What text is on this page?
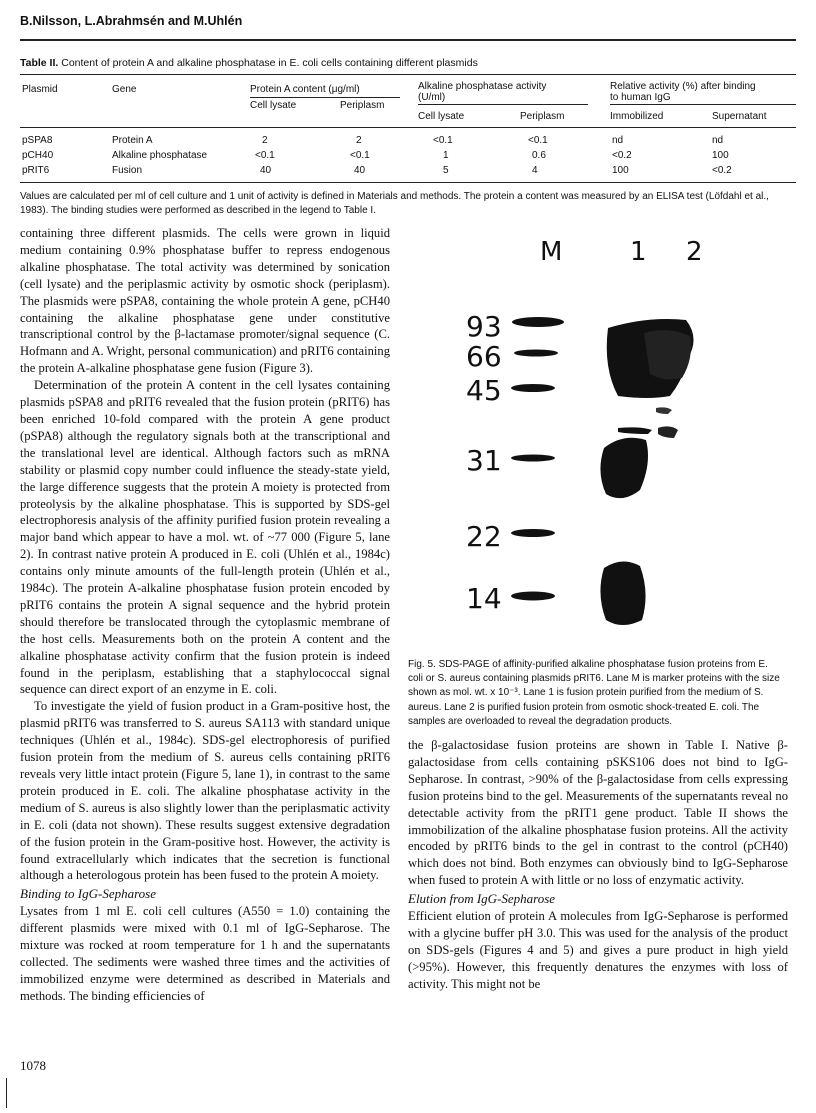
B.Nilsson, L.Abrahmsén and M.Uhlén
Table II. Content of protein A and alkaline phosphatase in E. coli cells containing different plasmids
Plasmid	Gene	Protein A content (μg/ml)	Alkaline phosphatase activity
(U/ml)
Relative activity (%) after binding
to human IgG
Cell lysate	Periplasm
Cell lysate	Periplasm	Immobilized	Supernatant
pSPA8	Protein A	2	2	<0.1	<0.1	nd	nd
pCH40	Alkaline phosphatase	<0.1	<0.1	1	0.6	<0.2	100
pRIT6	Fusion	40	40	5	4	100	<0.2
Values are calculated per ml of cell culture and 1 unit of activity is defined in Materials and methods. The protein a content was measured by an ELISA test (Löfdahl et al., 1983). The binding studies were performed as described in the legend to Table I.

containing three different plasmids. The cells were grown in liquid medium containing 0.9% phosphatase buffer to repress endogenous alkaline phosphatase. The total activity was determined by sonication (cell lysate) and the periplasmic activity by osmotic shock (periplasm). The plasmids were pSPA8, containing the whole protein A gene, pCH40 containing the alkaline phosphatase gene under constitutive transcriptional control by the β-lactamase promoter/signal sequence (C. Hofmann and A. Wright, personal communication) and pRIT6 containing the protein A-alkaline phosphatase gene fusion (Figure 3).

Determination of the protein A content in the cell lysates containing plasmids pSPA8 and pRIT6 revealed that the fusion protein (pRIT6) has been enriched 10-fold compared with the protein A gene product (pSPA8) although the regulatory signals both at the transcriptional and the translational level are identical. Although factors such as mRNA stability or plasmid copy number could influence the steady-state yield, the large difference suggests that the protein A moiety is protected from proteolysis by the alkaline phosphatase. This is supported by SDS-gel electrophoresis analysis of the affinity purified fusion protein revealing a major band which appear to have a mol. wt. of ~77 000 (Figure 5, lane 2). In contrast native protein A produced in E. coli (Uhlén et al., 1984c) contains only minute amounts of the full-length protein (Uhlén et al., 1984c). The protein A-alkaline phosphatase fusion protein encoded by pRIT6 contains the protein A signal sequence and the hybrid protein should therefore be translocated through the cytoplasmic membrane of the host cells. Measurements both on the protein A content and the alkaline phosphatase activity confirm that the fusion protein is indeed found in the periplasm, establishing that a staphylococcal signal sequence can direct export of an enzyme in E. coli.

To investigate the yield of fusion product in a Gram-positive host, the plasmid pRIT6 was transferred to S. aureus SA113 with standard unique techniques (Uhlén et al., 1984c). SDS-gel electrophoresis of purified fusion protein from the medium of S. aureus cells containing pRIT6 reveals very little intact protein (Figure 5, lane 1), in contrast to the same protein produced in E. coli. The alkaline phosphatase activity in the medium of S. aureus is also slightly lower than the periplasmatic activity in E. coli (data not shown). These results suggest extensive degradation of the fusion protein in the Gram-positive host. However, the activity is found extracellularly which indicates that the secretion is functional although a heterologous protein has been fused to the protein A moiety.

Binding to IgG-Sepharose

Lysates from 1 ml E. coli cell cultures (A550 = 1.0) containing the different plasmids were mixed with 0.1 ml of IgG-Sepharose. The mixture was rocked at room temperature for 1 h and the supernatants collected. The sediments were washed three times and the activities of immobilized enzyme were determined as described in Materials and methods. The binding efficiencies of

M	1 2
93
66
45
31
22
14
Fig. 5. SDS-PAGE of affinity-purified alkaline phosphatase fusion proteins from E. coli or S. aureus containing plasmids pRIT6. Lane M is marker proteins with the size shown as mol. wt. x 10⁻³. Lane 1 is fusion protein purified from the medium of S. aureus. Lane 2 is purified fusion protein from osmotic shock-treated E. coli. The samples are overloaded to reveal the degradation products.

the β-galactosidase fusion proteins are shown in Table I. Native β-galactosidase from cells containing pSKS106 does not bind to IgG-Sepharose. In contrast, >90% of the β-galactosidase from cells expressing fusion proteins bind to the gel. Measurements of the supernatants reveal no detectable activity from the pRIT1 gene product. Table II shows the immobilization of the alkaline phosphatase fusion proteins. All the activity encoded by pRIT6 binds to the gel in contrast to the control (pCH40) which does not bind. Both enzymes can obviously bind to IgG-Sepharose when fused to protein A with little or no loss of enzymatic activity.

Elution from IgG-Sepharose

Efficient elution of protein A molecules from IgG-Sepharose is performed with a glycine buffer pH 3.0. This was used for the analysis of the product on SDS-gels (Figures 4 and 5) and gives a pure product in high yield (>95%). However, this frequently denatures the enzymes with loss of activity. This might not be

1078
